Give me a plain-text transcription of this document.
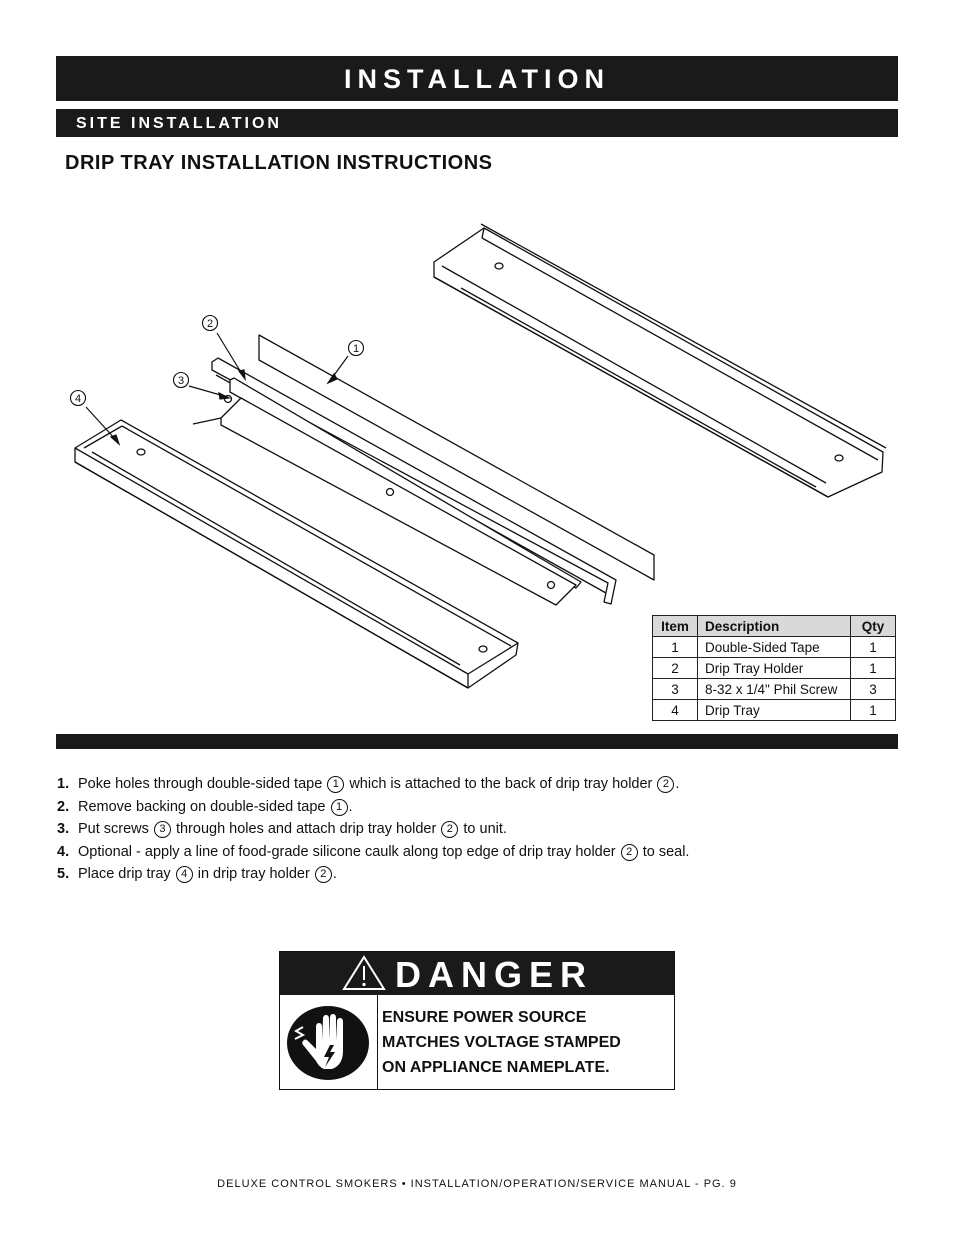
INSTALLATION
SITE INSTALLATION
DRIP TRAY INSTALLATION INSTRUCTIONS
1
2
3
4
Item	Description	Qty
1	Double-Sided Tape	1
2	Drip Tray Holder	1
3	8-32 x 1/4" Phil Screw	3
4	Drip Tray	1
1. Poke holes through double-sided tape 1 which is attached to the back of drip tray holder 2 .
2. Remove backing on double-sided tape 1 .
3. Put screws 3 through holes and attach drip tray holder 2 to unit.
4. Optional - apply a line of food-grade silicone caulk along top edge of drip tray holder 2 to seal.
5. Place drip tray 4 in drip tray holder 2 .
DANGER
ENSURE POWER SOURCE
MATCHES VOLTAGE STAMPED
ON APPLIANCE NAMEPLATE.
DELUXE CONTROL SMOKERS • INSTALLATION/OPERATION/SERVICE MANUAL - PG. 9
